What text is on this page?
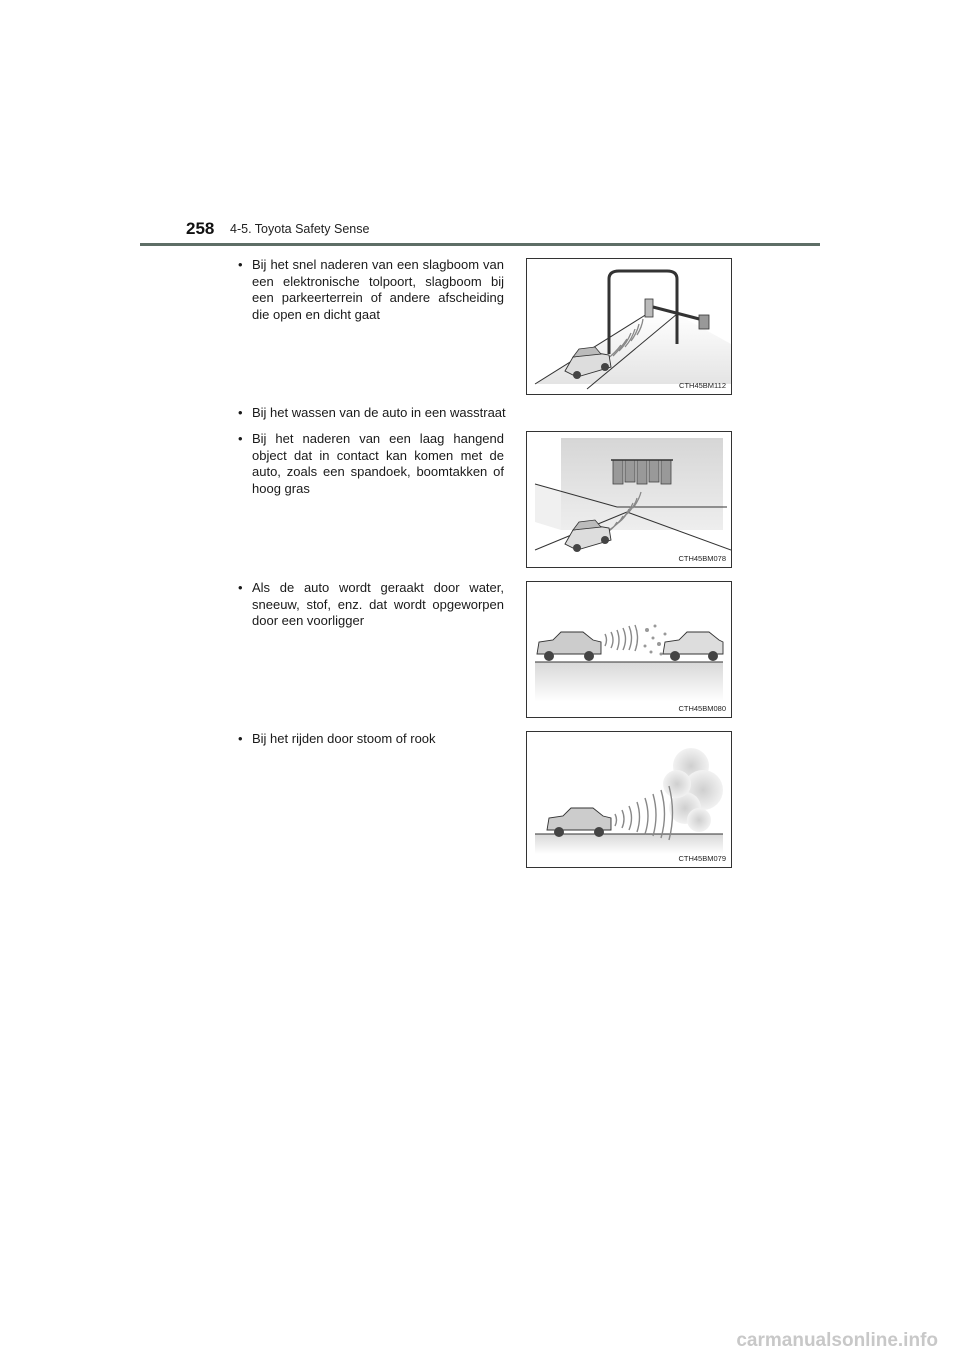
258 4-5. Toyota Safety Sense
• Bij het snel naderen van een slagboom van een elektronische tolpoort, slagboom bij een parkeerterrein of andere afscheiding die open en dicht gaat
CTH45BM112
• Bij het wassen van de auto in een wasstraat
• Bij het naderen van een laag hangend object dat in contact kan komen met de auto, zoals een spandoek, boomtakken of hoog gras
CTH45BM078
• Als de auto wordt geraakt door water, sneeuw, stof, enz. dat wordt opgeworpen door een voorligger
CTH45BM080
• Bij het rijden door stoom of rook
CTH45BM079
carmanualsonline.info
